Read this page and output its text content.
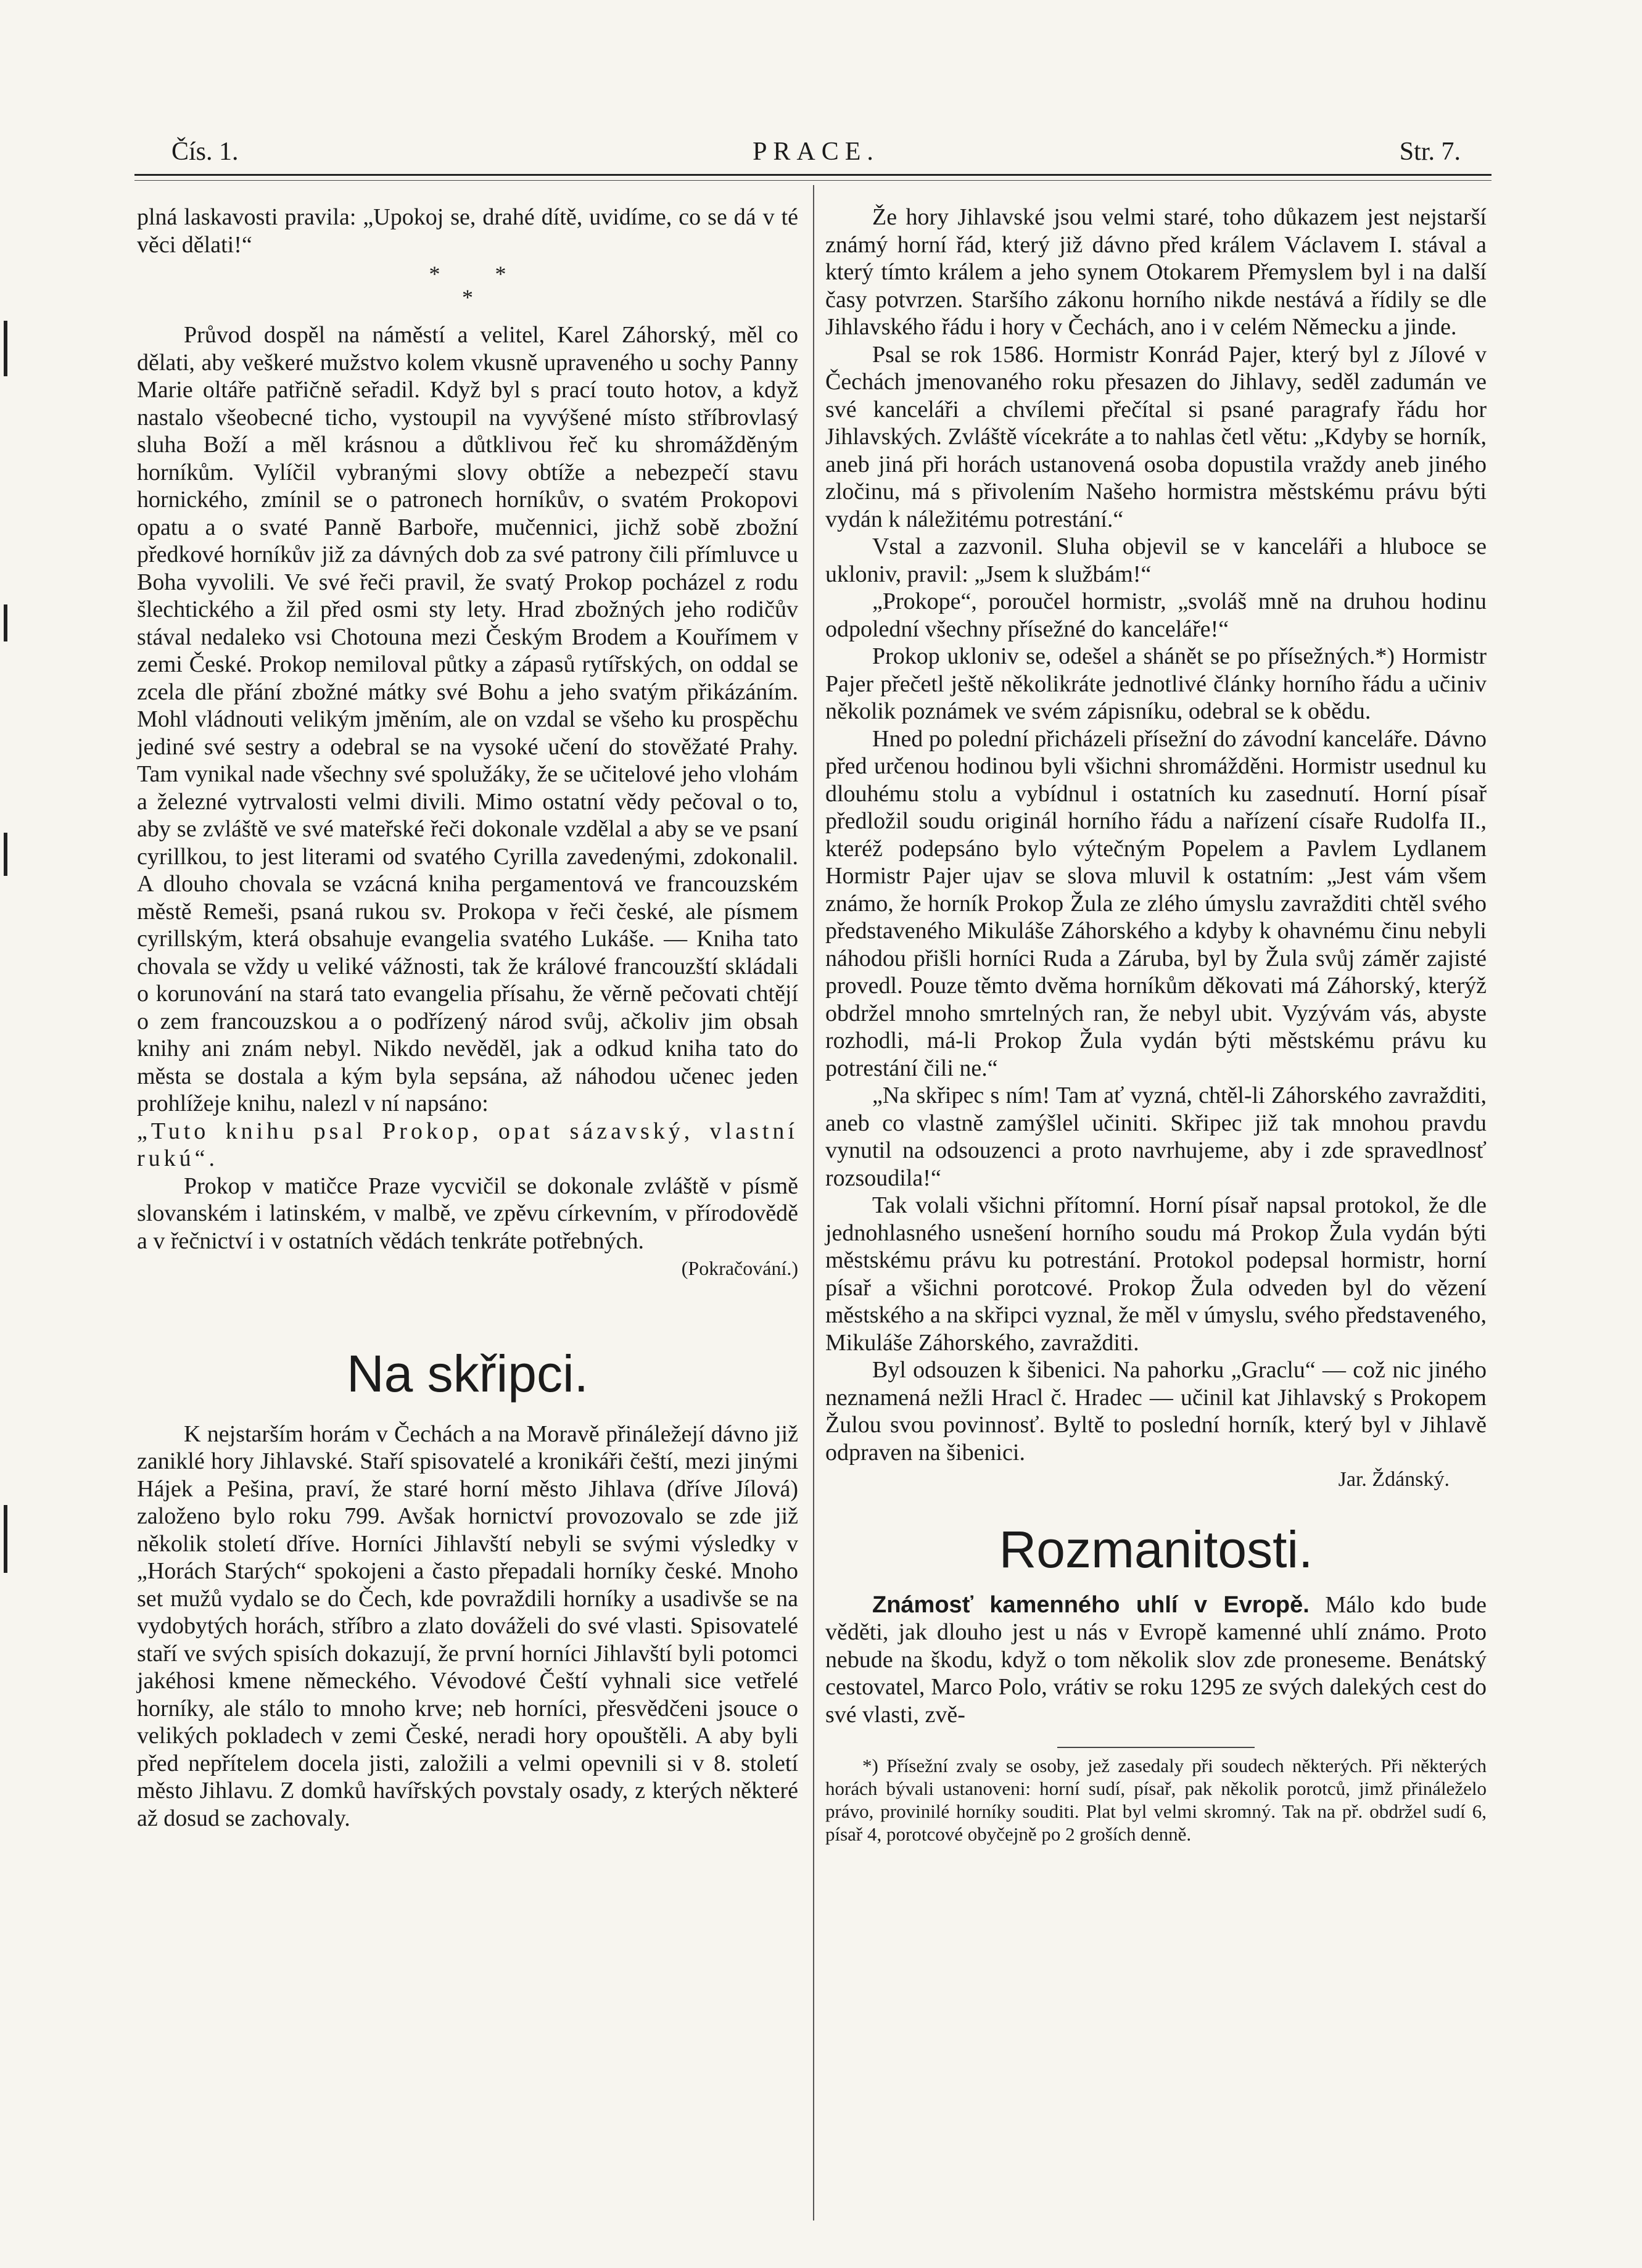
Čís. 1.	PRACE.	Str. 7.

plná laskavosti pravila: „Upokoj se, drahé dítě, uvidíme, co se dá v té věci dělati!“

* *
*

Průvod dospěl na náměstí a velitel, Karel Záhorský, měl co dělati, aby veškeré mužstvo kolem vkusně upraveného u sochy Panny Marie oltáře patřičně seřadil. Když byl s prací touto hotov, a když nastalo všeobecné ticho, vystoupil na vyvýšené místo stříbrovlasý sluha Boží a měl krásnou a důtklivou řeč ku shromážděným horníkům. Vylíčil vybranými slovy obtíže a nebezpečí stavu hornického, zmínil se o patronech horníkův, o svatém Prokopovi opatu a o svaté Panně Barboře, mučennici, jichž sobě zbožní předkové horníkův již za dávných dob za své patrony čili přímluvce u Boha vyvolili. Ve své řeči pravil, že svatý Prokop pocházel z rodu šlechtického a žil před osmi sty lety. Hrad zbožných jeho rodičův stával nedaleko vsi Chotouna mezi Českým Brodem a Kouřímem v zemi České. Prokop nemiloval půtky a zápasů rytířských, on oddal se zcela dle přání zbožné mátky své Bohu a jeho svatým přikázáním. Mohl vládnouti velikým jměním, ale on vzdal se všeho ku prospěchu jediné své sestry a odebral se na vysoké učení do stověžaté Prahy. Tam vynikal nade všechny své spolužáky, že se učitelové jeho vlohám a železné vytrvalosti velmi divili. Mimo ostatní vědy pečoval o to, aby se zvláště ve své mateřské řeči dokonale vzdělal a aby se ve psaní cyrillkou, to jest literami od svatého Cyrilla zavedenými, zdokonalil. A dlouho chovala se vzácná kniha pergamentová ve francouzském městě Remeši, psaná rukou sv. Prokopa v řeči české, ale písmem cyrillským, která obsahuje evangelia svatého Lukáše. — Kniha tato chovala se vždy u veliké vážnosti, tak že králové francouzští skládali o korunování na stará tato evangelia přísahu, že věrně pečovati chtějí o zem francouzskou a o podřízený národ svůj, ačkoliv jim obsah knihy ani znám nebyl. Nikdo nevěděl, jak a odkud kniha tato do města se dostala a kým byla sepsána, až náhodou učenec jeden prohlížeje knihu, nalezl v ní napsáno:

„Tuto knihu psal Prokop, opat sázavský, vlastní rukú“.

Prokop v matičce Praze vycvičil se dokonale zvláště v písmě slovanském i latinském, v malbě, ve zpěvu církevním, v přírodovědě a v řečnictví i v ostatních vědách tenkráte potřebných.

(Pokračování.)
Na skřipci.

K nejstarším horám v Čechách a na Moravě přináležejí dávno již zaniklé hory Jihlavské. Staří spisovatelé a kronikáři čeští, mezi jinými Hájek a Pešina, praví, že staré horní město Jihlava (dříve Jílová) založeno bylo roku 799. Avšak hornictví provozovalo se zde již několik století dříve. Horníci Jihlavští nebyli se svými výsledky v „Horách Starých“ spokojeni a často přepadali horníky české. Mnoho set mužů vydalo se do Čech, kde povraždili horníky a usadivše se na vydobytých horách, stříbro a zlato dováželi do své vlasti. Spisovatelé staří ve svých spisích dokazují, že první horníci Jihlavští byli potomci jakéhosi kmene německého. Vévodové Čeští vyhnali sice vetřelé horníky, ale stálo to mnoho krve; neb horníci, přesvědčeni jsouce o velikých pokladech v zemi České, neradi hory opouštěli. A aby byli před nepřítelem docela jisti, založili a velmi opevnili si v 8. století město Jihlavu. Z domků havířských povstaly osady, z kterých některé až dosud se zachovaly.

Že hory Jihlavské jsou velmi staré, toho důkazem jest nejstarší známý horní řád, který již dávno před králem Václavem I. stával a který tímto králem a jeho synem Otokarem Přemyslem byl i na další časy potvrzen. Staršího zákonu horního nikde nestává a řídily se dle Jihlavského řádu i hory v Čechách, ano i v celém Německu a jinde.

Psal se rok 1586. Hormistr Konrád Pajer, který byl z Jílové v Čechách jmenovaného roku přesazen do Jihlavy, seděl zadumán ve své kanceláři a chvílemi přečítal si psané paragrafy řádu hor Jihlavských. Zvláště vícekráte a to nahlas četl větu: „Kdyby se horník, aneb jiná při horách ustanovená osoba dopustila vraždy aneb jiného zločinu, má s přivolením Našeho hormistra městskému právu býti vydán k náležitému potrestání.“

Vstal a zazvonil. Sluha objevil se v kanceláři a hluboce se ukloniv, pravil: „Jsem k službám!“

„Prokope“, poroučel hormistr, „svoláš mně na druhou hodinu odpolední všechny přísežné do kanceláře!“

Prokop ukloniv se, odešel a shánět se po přísežných.*) Hormistr Pajer přečetl ještě několikráte jednotlivé články horního řádu a učiniv několik poznámek ve svém zápisníku, odebral se k obědu.

Hned po polední přicházeli přísežní do závodní kanceláře. Dávno před určenou hodinou byli všichni shromážděni. Hormistr usednul ku dlouhému stolu a vybídnul i ostatních ku zasednutí. Horní písař předložil soudu originál horního řádu a nařízení císaře Rudolfa II., kteréž podepsáno bylo výtečným Popelem a Pavlem Lydlanem Hormistr Pajer ujav se slova mluvil k ostatním: „Jest vám všem známo, že horník Prokop Žula ze zlého úmyslu zavražditi chtěl svého představeného Mikuláše Záhorského a kdyby k ohavnému činu nebyli náhodou přišli horníci Ruda a Záruba, byl by Žula svůj záměr zajisté provedl. Pouze těmto dvěma horníkům děkovati má Záhorský, kterýž obdržel mnoho smrtelných ran, že nebyl ubit. Vyzývám vás, abyste rozhodli, má-li Prokop Žula vydán býti městskému právu ku potrestání čili ne.“

„Na skřipec s ním! Tam ať vyzná, chtěl-li Záhorského zavražditi, aneb co vlastně zamýšlel učiniti. Skřipec již tak mnohou pravdu vynutil na odsouzenci a proto navrhujeme, aby i zde spravedlnosť rozsoudila!“

Tak volali všichni přítomní. Horní písař napsal protokol, že dle jednohlasného usnešení horního soudu má Prokop Žula vydán býti městskému právu ku potrestání. Protokol podepsal hormistr, horní písař a všichni porotcové. Prokop Žula odveden byl do vězení městského a na skřipci vyznal, že měl v úmyslu, svého představeného, Mikuláše Záhorského, zavražditi.

Byl odsouzen k šibenici. Na pahorku „Graclu“ — což nic jiného neznamená nežli Hracl č. Hradec — učinil kat Jihlavský s Prokopem Žulou svou povinnosť. Byltě to poslední horník, který byl v Jihlavě odpraven na šibenici.

Jar. Ždánský.
Rozmanitosti.

Známosť kamenného uhlí v Evropě. Málo kdo bude věděti, jak dlouho jest u nás v Evropě kamenné uhlí známo. Proto nebude na škodu, když o tom několik slov zde proneseme. Benátský cestovatel, Marco Polo, vrátiv se roku 1295 ze svých dalekých cest do své vlasti, zvě-

*) Přísežní zvaly se osoby, jež zasedaly při soudech některých. Při některých horách bývali ustanoveni: horní sudí, písař, pak několik porotců, jimž přináleželo právo, provinilé horníky souditi. Plat byl velmi skromný. Tak na př. obdržel sudí 6, písař 4, porotcové obyčejně po 2 groších denně.
